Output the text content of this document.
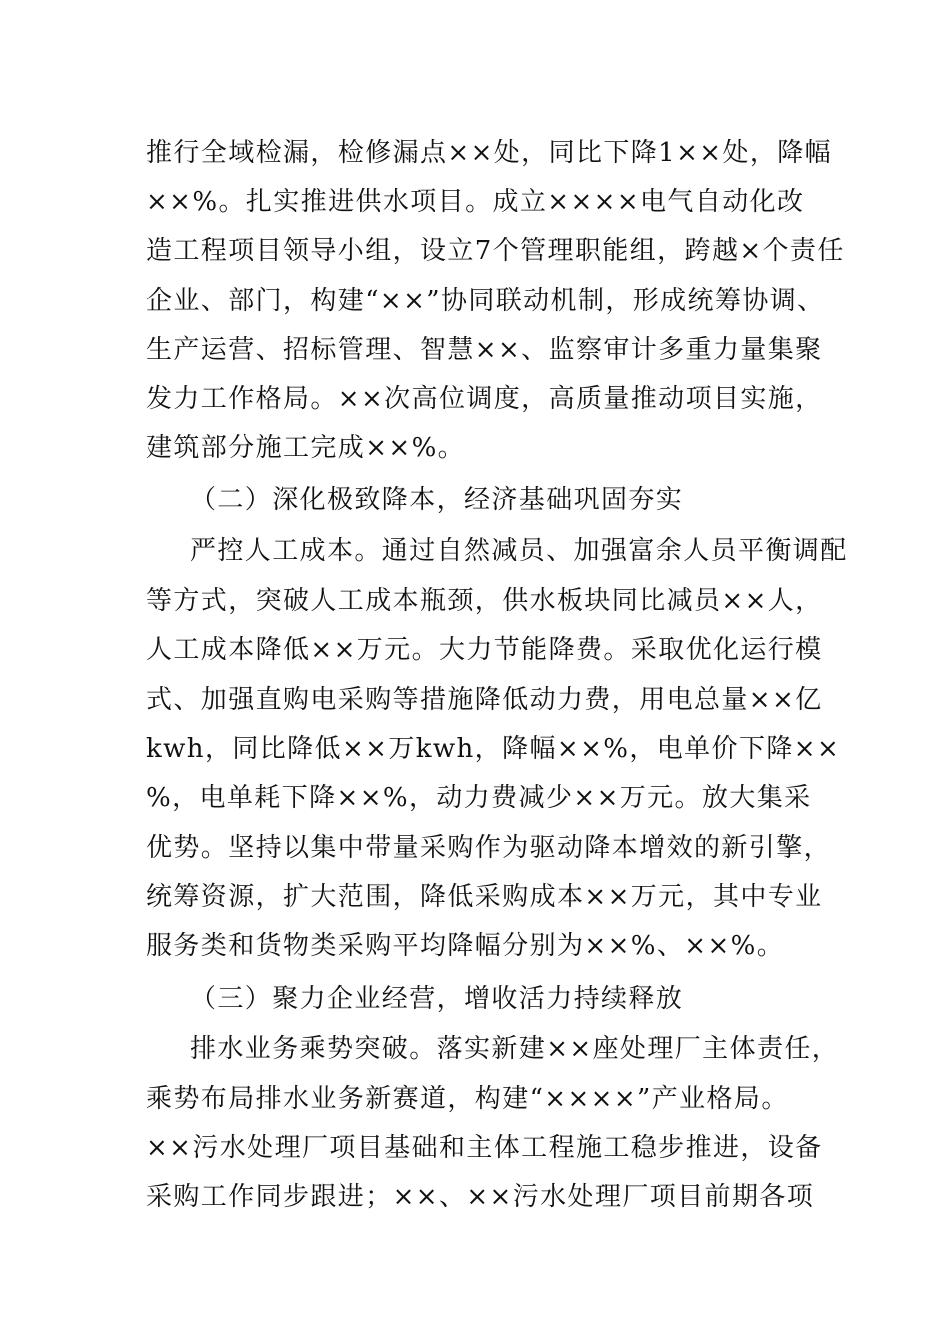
推行全域检漏，检修漏点××处，同比下降1××处，降幅
××%。扎实推进供水项目。成立××××电气自动化改
造工程项目领导小组，设立7个管理职能组，跨越×个责任
企业、部门，构建“××”协同联动机制，形成统筹协调、
生产运营、招标管理、智慧××、监察审计多重力量集聚
发力工作格局。××次高位调度，高质量推动项目实施，
建筑部分施工完成××%。
（二）深化极致降本，经济基础巩固夯实
严控人工成本。通过自然减员、加强富余人员平衡调配
等方式，突破人工成本瓶颈，供水板块同比减员××人，
人工成本降低××万元。大力节能降费。采取优化运行模
式、加强直购电采购等措施降低动力费，用电总量××亿
kwh，同比降低××万kwh，降幅××%，电单价下降××
%，电单耗下降××%，动力费减少××万元。放大集采
优势。坚持以集中带量采购作为驱动降本增效的新引擎，
统筹资源，扩大范围，降低采购成本××万元，其中专业
服务类和货物类采购平均降幅分别为××%、××%。
（三）聚力企业经营，增收活力持续释放
排水业务乘势突破。落实新建××座处理厂主体责任，
乘势布局排水业务新赛道，构建“××××”产业格局。
××污水处理厂项目基础和主体工程施工稳步推进，设备
采购工作同步跟进；××、××污水处理厂项目前期各项
